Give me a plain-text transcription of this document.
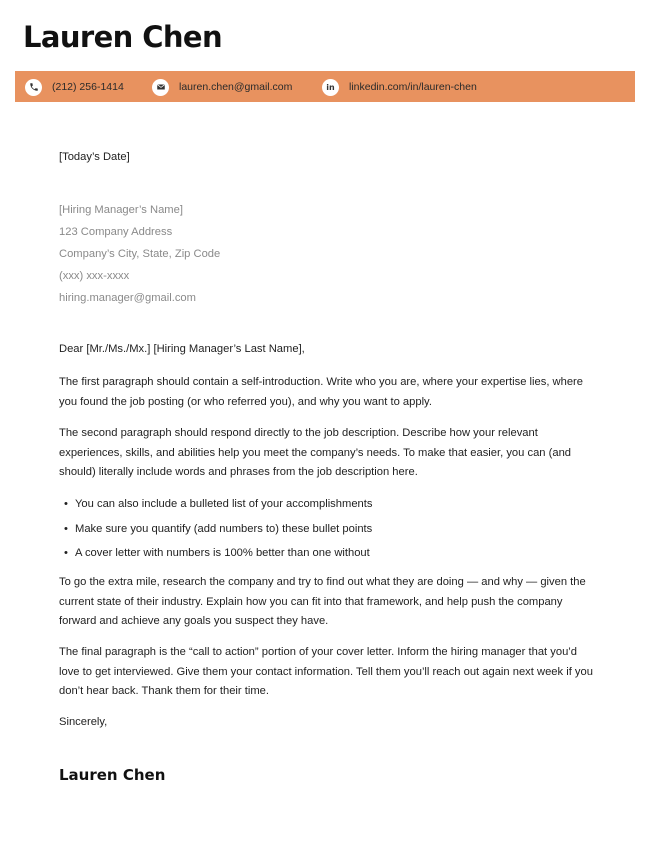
Lauren Chen
(212) 256-1414	lauren.chen@gmail.com	in linkedin.com/in/lauren-chen
[Today’s Date]
[Hiring Manager’s Name]
123 Company Address
Company’s City, State, Zip Code
(xxx) xxx-xxxx
hiring.manager@gmail.com
Dear [Mr./Ms./Mx.] [Hiring Manager’s Last Name],
The first paragraph should contain a self-introduction. Write who you are, where your expertise lies, where you found the job posting (or who referred you), and why you want to apply.
The second paragraph should respond directly to the job description. Describe how your relevant experiences, skills, and abilities help you meet the company’s needs. To make that easier, you can (and should) literally include words and phrases from the job description here.
• You can also include a bulleted list of your accomplishments
• Make sure you quantify (add numbers to) these bullet points
• A cover letter with numbers is 100% better than one without
To go the extra mile, research the company and try to find out what they are doing — and why — given the current state of their industry. Explain how you can fit into that framework, and help push the company forward and achieve any goals you suspect they have.
The final paragraph is the “call to action” portion of your cover letter. Inform the hiring manager that you’d love to get interviewed. Give them your contact information. Tell them you’ll reach out again next week if you don’t hear back. Thank them for their time.
Sincerely,
Lauren Chen
